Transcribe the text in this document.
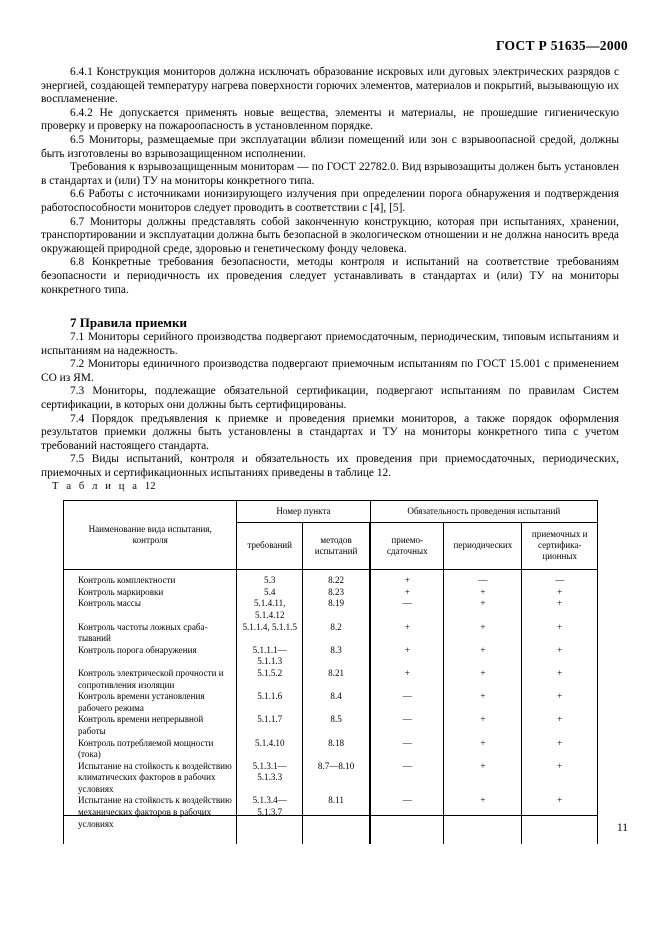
ГОСТ Р 51635—2000

6.4.1 Конструкция мониторов должна исключать образование искровых или дуговых электрических разрядов с энергией, создающей температуру нагрева поверхности горючих элементов, материалов и покрытий, вызывающую их воспламенение.

6.4.2 Не допускается применять новые вещества, элементы и материалы, не прошедшие гигиеническую проверку и проверку на пожароопасность в установленном порядке.

6.5 Мониторы, размещаемые при эксплуатации вблизи помещений или зон с взрывоопасной средой, должны быть изготовлены во взрывозащищенном исполнении.

Требования к взрывозащищенным мониторам — по ГОСТ 22782.0. Вид взрывозащиты должен быть установлен в стандартах и (или) ТУ на мониторы конкретного типа.

6.6 Работы с источниками ионизирующего излучения при определении порога обнаружения и подтверждения работоспособности мониторов следует проводить в соответствии с [4], [5].

6.7 Мониторы должны представлять собой законченную конструкцию, которая при испытаниях, хранении, транспортировании и эксплуатации должна быть безопасной в экологическом отношении и не должна наносить вреда окружающей природной среде, здоровью и генетическому фонду человека.

6.8 Конкретные требования безопасности, методы контроля и испытаний на соответствие требованиям безопасности и периодичность их проведения следует устанавливать в стандартах и (или) ТУ на мониторы конкретного типа.

7 Правила приемки

7.1 Мониторы серийного производства подвергают приемосдаточным, периодическим, типовым испытаниям и испытаниям на надежность.

7.2 Мониторы единичного производства подвергают приемочным испытаниям по ГОСТ 15.001 с применением СО из ЯМ.

7.3 Мониторы, подлежащие обязательной сертификации, подвергают испытаниям по правилам Систем сертификации, в которых они должны быть сертифицированы.

7.4 Порядок предъявления к приемке и проведения приемки мониторов, а также порядок оформления результатов приемки должны быть установлены в стандартах и ТУ на мониторы конкретного типа с учетом требований настоящего стандарта.

7.5 Виды испытаний, контроля и обязательность их проведения при приемосдаточных, периодических, приемочных и сертификационных испытаниях приведены в таблице 12.

Т а б л и ц а 12
Наименование вида испытания, контроля	Номер пункта		Обязательность проведения испытаний		
	требований	методов испытаний	приемо-сдаточных	периодических	приемочных и сертифика-ционных
Контроль комплектности	5.3	8.22	+	—	—
Контроль маркировки	5.4	8.23	+	+	+
Контроль массы	5.1.4.11, 5.1.4.12	8.19	—	+	+
Контроль частоты ложных срабатываний	5.1.1.4, 5.1.1.5	8.2	+	+	+
Контроль порога обнаружения	5.1.1.1— 5.1.1.3	8.3	+	+	+
Контроль электрической прочности и сопротивления изоляции	5.1.5.2	8.21	+	+	+
Контроль времени установления рабочего режима	5.1.1.6	8.4	—	+	+
Контроль времени непрерывной работы	5.1.1.7	8.5	—	+	+
Контроль потребляемой мощности (тока)	5.1.4.10	8.18	—	+	+
Испытание на стойкость к воздействию климатических факторов в рабочих условиях	5.1.3.1— 5.1.3.3	8.7—8.10	—	+	+
Испытание на стойкость к воздействию механических факторов в рабочих условиях	5.1.3.4— 5.1.3.7	8.11	—	+	+
11
